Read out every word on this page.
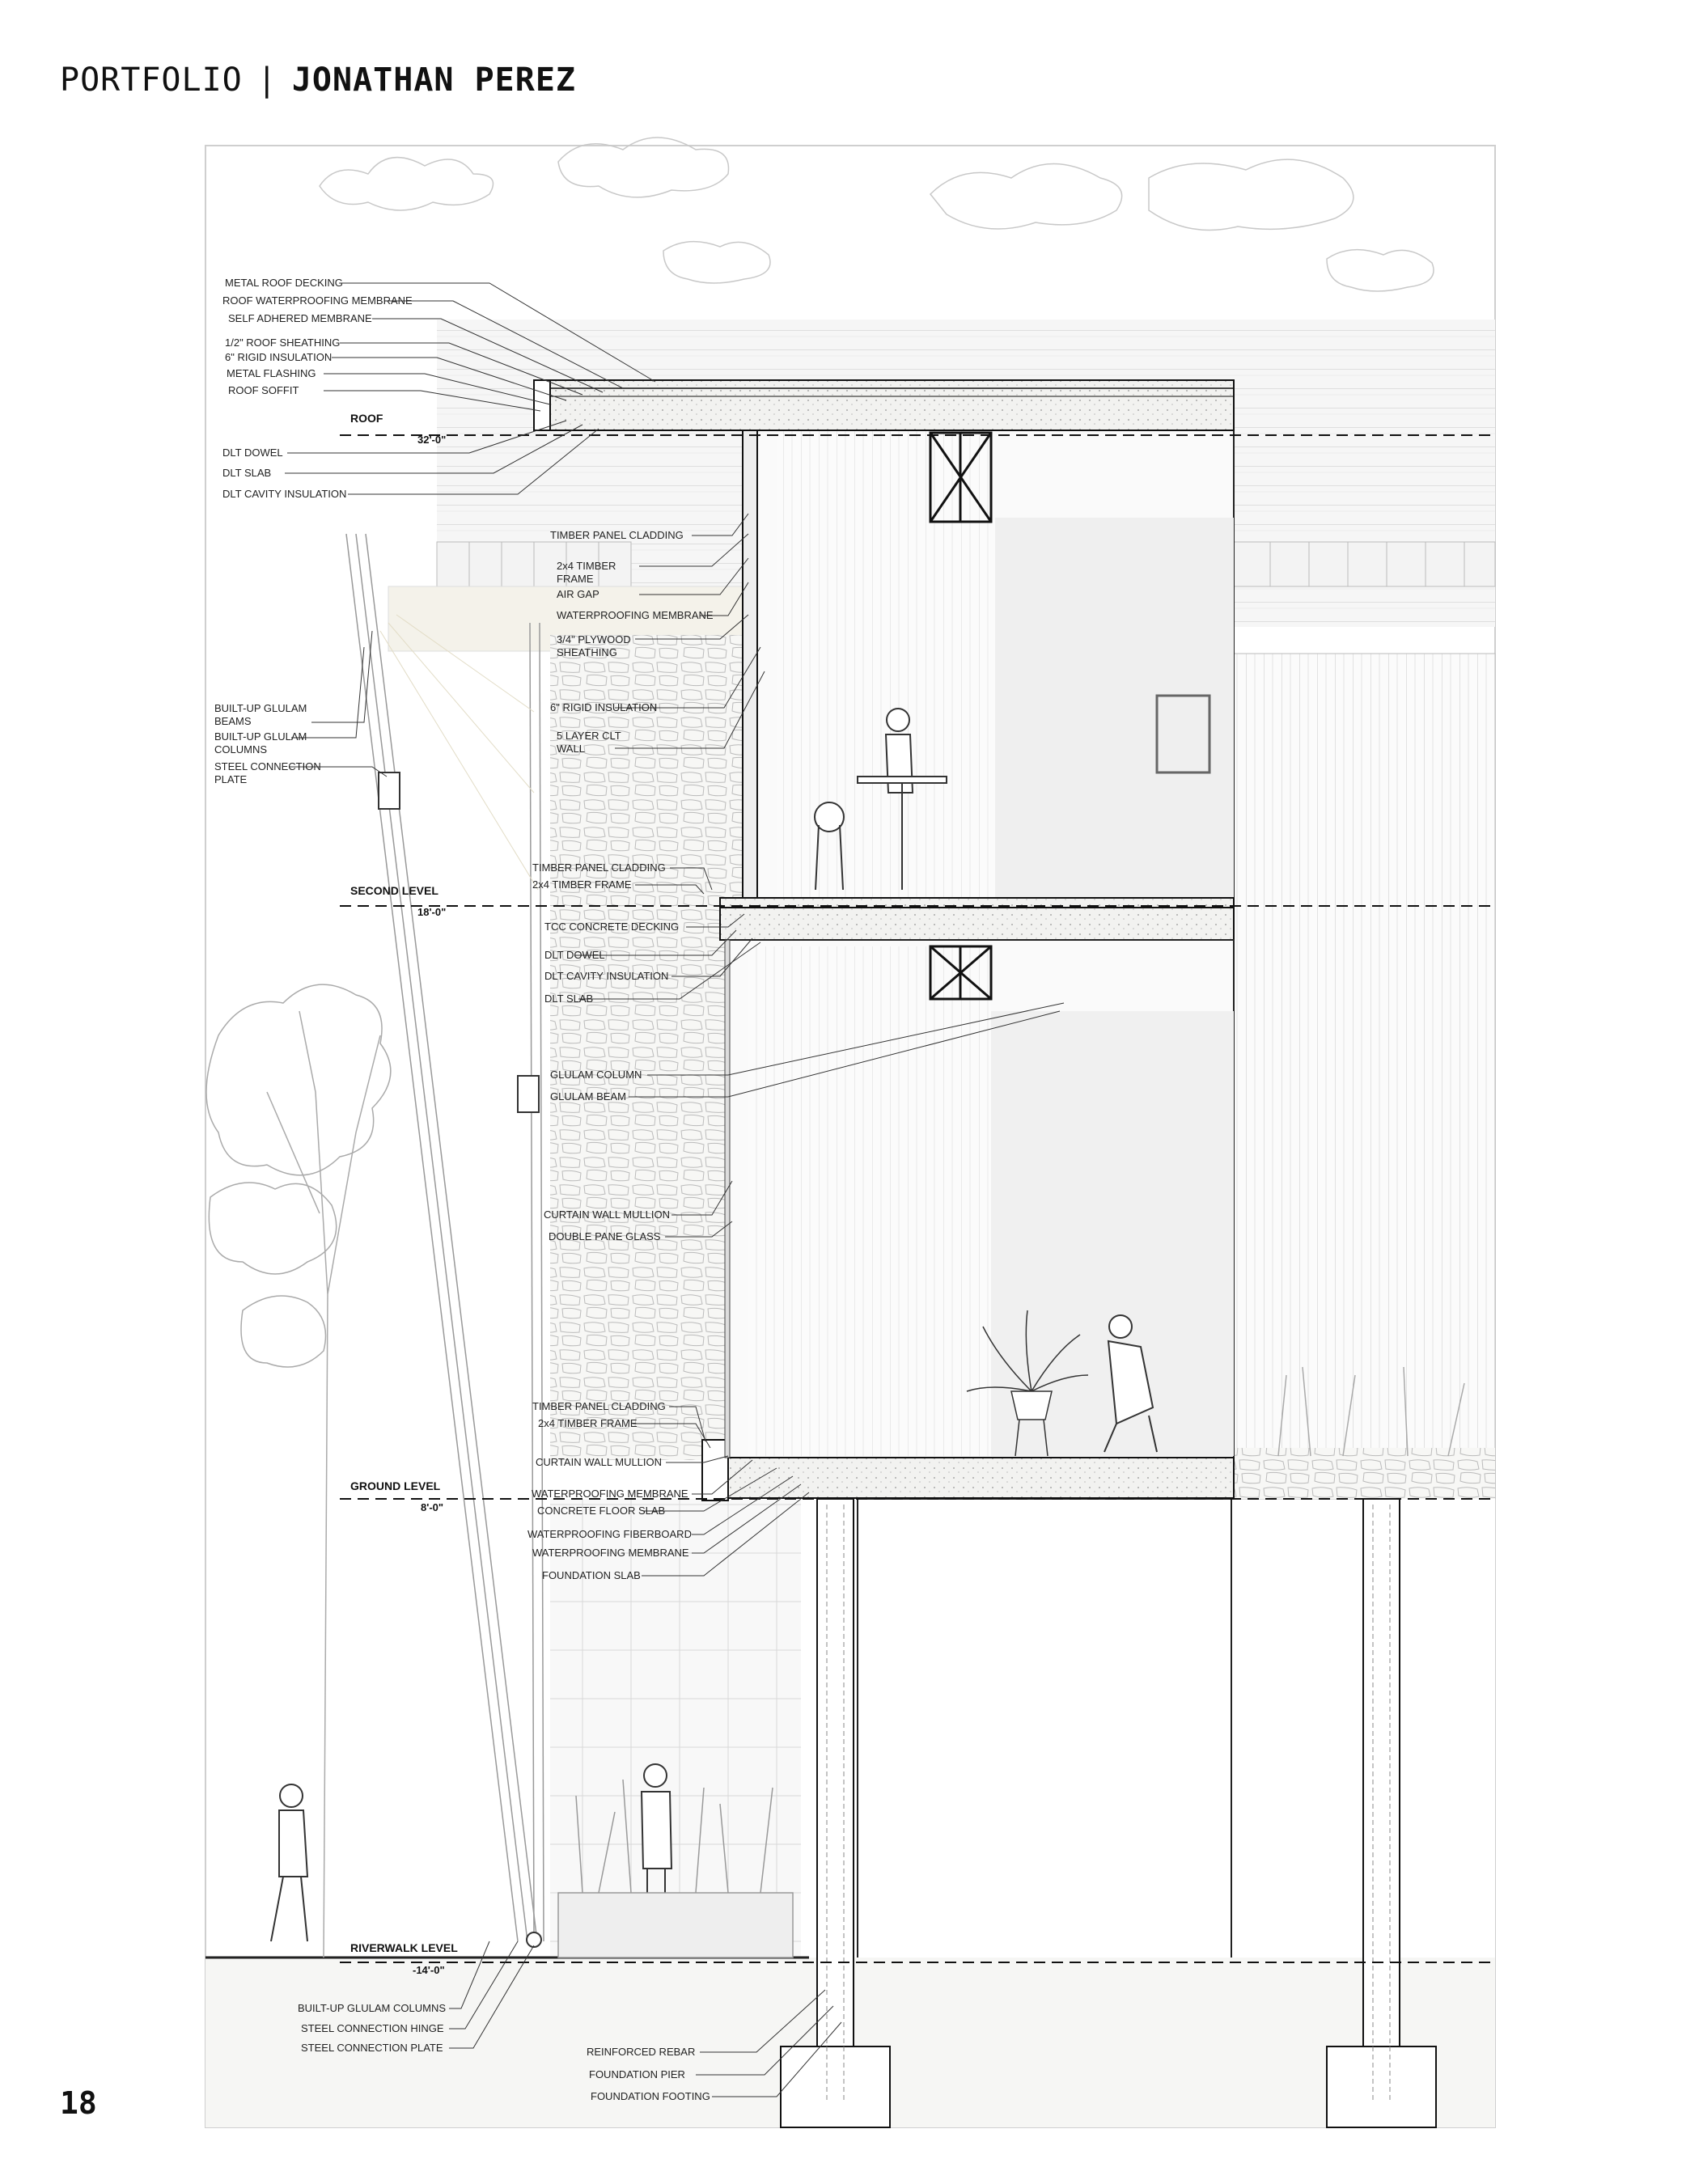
PORTFOLIO | JONATHAN PEREZ
ROOF
32'-0"
SECOND LEVEL
18'-0"
GROUND LEVEL
8'-0"
RIVERWALK LEVEL
-14'-0"
METAL ROOF DECKING
ROOF WATERPROOFING MEMBRANE
SELF ADHERED MEMBRANE
1/2" ROOF SHEATHING
6" RIGID INSULATION
METAL FLASHING
ROOF SOFFIT
DLT DOWEL
DLT SLAB
DLT CAVITY INSULATION
TIMBER PANEL CLADDING
2x4 TIMBER
FRAME
AIR GAP
WATERPROOFING MEMBRANE
3/4" PLYWOOD
SHEATHING
6" RIGID INSULATION
5 LAYER CLT
WALL
BUILT-UP GLULAM
BEAMS
BUILT-UP GLULAM
COLUMNS
STEEL CONNECTION
PLATE
TIMBER PANEL CLADDING
2x4 TIMBER FRAME
TCC CONCRETE DECKING
DLT DOWEL
DLT CAVITY INSULATION
DLT SLAB
GLULAM COLUMN
GLULAM BEAM
CURTAIN WALL MULLION
DOUBLE PANE GLASS
TIMBER PANEL CLADDING
2x4 TIMBER FRAME
CURTAIN WALL MULLION
WATERPROOFING MEMBRANE
CONCRETE FLOOR SLAB
WATERPROOFING FIBERBOARD
WATERPROOFING MEMBRANE
FOUNDATION SLAB
BUILT-UP GLULAM COLUMNS
STEEL CONNECTION HINGE
STEEL CONNECTION PLATE	REINFORCED REBAR
FOUNDATION PIER
FOUNDATION FOOTING
18
